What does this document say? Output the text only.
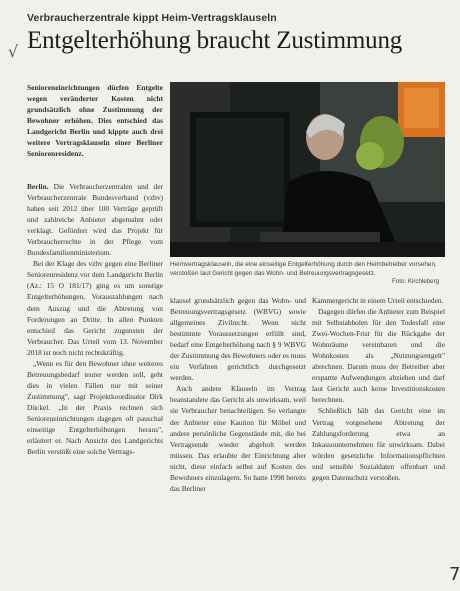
Verbraucherzentrale kippt Heim-Vertragsklauseln
Entgelterhöhung braucht Zustimmung
√
Senioreneinrichtungen dürfen Entgelte wegen veränderter Kosten nicht grundsätzlich ohne Zustimmung der Bewohner erhöhen. Dies entschied das Landgericht Berlin und kippte auch drei weitere Vertragsklauseln einer Berliner Seniorenresidenz.
Heimvertragsklauseln, die eine einseitige Entgelterhöhung durch den Heimbetreiber vorsehen, verstoßen laut Gericht gegen das Wohn- und Betreuungsvertragsgesetz.
Foto: Kirchleberg

Berlin. Die Verbraucherzentralen und der Verbraucherzentrale Bundesverband (vzbv) haben seit 2012 über 100 Verträge geprüft und zahlreiche Anbieter abgemahnt oder verklagt. Gefördert wird das Projekt für Verbraucherrechte in der Pflege vom Bundesfamilienministerium.

Bei der Klage des vzbv gegen eine Berliner Seniorenresidenz vor dem Landgericht Berlin (Az.: 15 O 181/17) ging es um sonstige Entgelterhöhungen, Vorauszahlungen nach dem Auszug und die Abtretung von Forderungen an Dritte. In allen Punkten entschied das Gericht zugunsten der Verbraucher. Das Urteil vom 13. November 2018 ist noch nicht rechtskräftig.

„Wenn es für den Bewohner ohne weiteres Betreuungsbedarf teurer werden soll, geht dies in vielen Fällen nur mit seiner Zustimmung", sagt Projektkoordinator Dirk Dückel. „In der Praxis rechnen sich Senioreneinrichtungen dagegen oft pauschal einseitige Entgelterhöhungen heraus", erläutert er. Nach Ansicht des Landgerichts Berlin verstößt eine solche Vertrags-

klausel grundsätzlich gegen das Wohn- und Betreuungsvertragsgesetz (WBVG) sowie allgemeines Zivilrecht. Wenn nicht bestimmte Voraussetzungen erfüllt sind, bedarf eine Entgelterhöhung nach § 9 WBVG der Zustimmung des Bewohners oder es muss ein Verfahren gerichtlich durchgesetzt werden.

Auch andere Klauseln im Vertrag beanstandete das Gericht als unwirksam, weil sie Verbraucher benachteiligen. So verlangte der Anbieter eine Kaution für Möbel und andere persönliche Gegenstände mit, die bei Vertragsende wieder abgeholt werden müssen. Das erlaubte der Einrichtung aber nicht, diese einfach selbst auf Kosten des Bewohners einzulagern. So hatte 1998 bereits das Berliner

Kammergericht in einem Urteil entschieden.

Dagegen dürfen die Anbieter zum Beispiel mit Selbstabholen für den Todesfall eine Zwei-Wochen-Frist für die Rückgabe der Wohnräume vereinbaren und die Wohnkosten als „Nutzungsentgelt" abrechnen. Darum muss der Betreiber aber erspartte Aufwendungen abziehen und darf laut Gericht auch keine Investitionskosten berechnen.

Schließlich hält das Gericht eine im Vertrag vorgesehene Abtretung der Zahlungsforderung etwa an Inkassounternehmen für unwirksam. Dabei würden gesetzliche Informationspflichten und sensible Sozialdaten offenbart und gegen Datenschutz verstoßen.

7
